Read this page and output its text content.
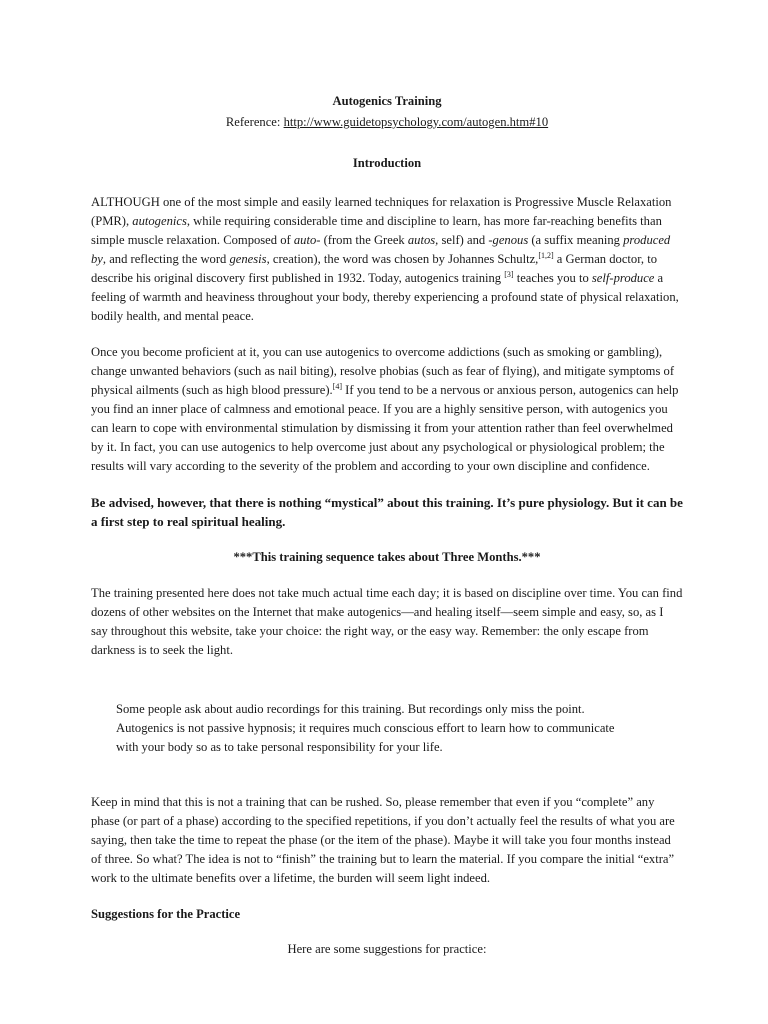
Autogenics Training

Reference: http://www.guidetopsychology.com/autogen.htm#10

Introduction

ALTHOUGH one of the most simple and easily learned techniques for relaxation is Progressive Muscle Relaxation (PMR), autogenics, while requiring considerable time and discipline to learn, has more far-reaching benefits than simple muscle relaxation. Composed of auto- (from the Greek autos, self) and -genous (a suffix meaning produced by, and reflecting the word genesis, creation), the word was chosen by Johannes Schultz,[1,2] a German doctor, to describe his original discovery first published in 1932. Today, autogenics training [3] teaches you to self-produce a feeling of warmth and heaviness throughout your body, thereby experiencing a profound state of physical relaxation, bodily health, and mental peace.

Once you become proficient at it, you can use autogenics to overcome addictions (such as smoking or gambling), change unwanted behaviors (such as nail biting), resolve phobias (such as fear of flying), and mitigate symptoms of physical ailments (such as high blood pressure).[4] If you tend to be a nervous or anxious person, autogenics can help you find an inner place of calmness and emotional peace. If you are a highly sensitive person, with autogenics you can learn to cope with environmental stimulation by dismissing it from your attention rather than feel overwhelmed by it. In fact, you can use autogenics to help overcome just about any psychological or physiological problem; the results will vary according to the severity of the problem and according to your own discipline and confidence.

Be advised, however, that there is nothing “mystical” about this training. It’s pure physiology. But it can be a first step to real spiritual healing.

***This training sequence takes about Three Months.***

The training presented here does not take much actual time each day; it is based on discipline over time. You can find dozens of other websites on the Internet that make autogenics—and healing itself—seem simple and easy, so, as I say throughout this website, take your choice: the right way, or the easy way. Remember: the only escape from darkness is to seek the light.

Some people ask about audio recordings for this training. But recordings only miss the point.

Autogenics is not passive hypnosis; it requires much conscious effort to learn how to communicate

with your body so as to take personal responsibility for your life.

Keep in mind that this is not a training that can be rushed. So, please remember that even if you “complete” any phase (or part of a phase) according to the specified repetitions, if you don’t actually feel the results of what you are saying, then take the time to repeat the phase (or the item of the phase). Maybe it will take you four months instead of three. So what? The idea is not to “finish” the training but to learn the material. If you compare the initial “extra” work to the ultimate benefits over a lifetime, the burden will seem light indeed.

Suggestions for the Practice

Here are some suggestions for practice:
